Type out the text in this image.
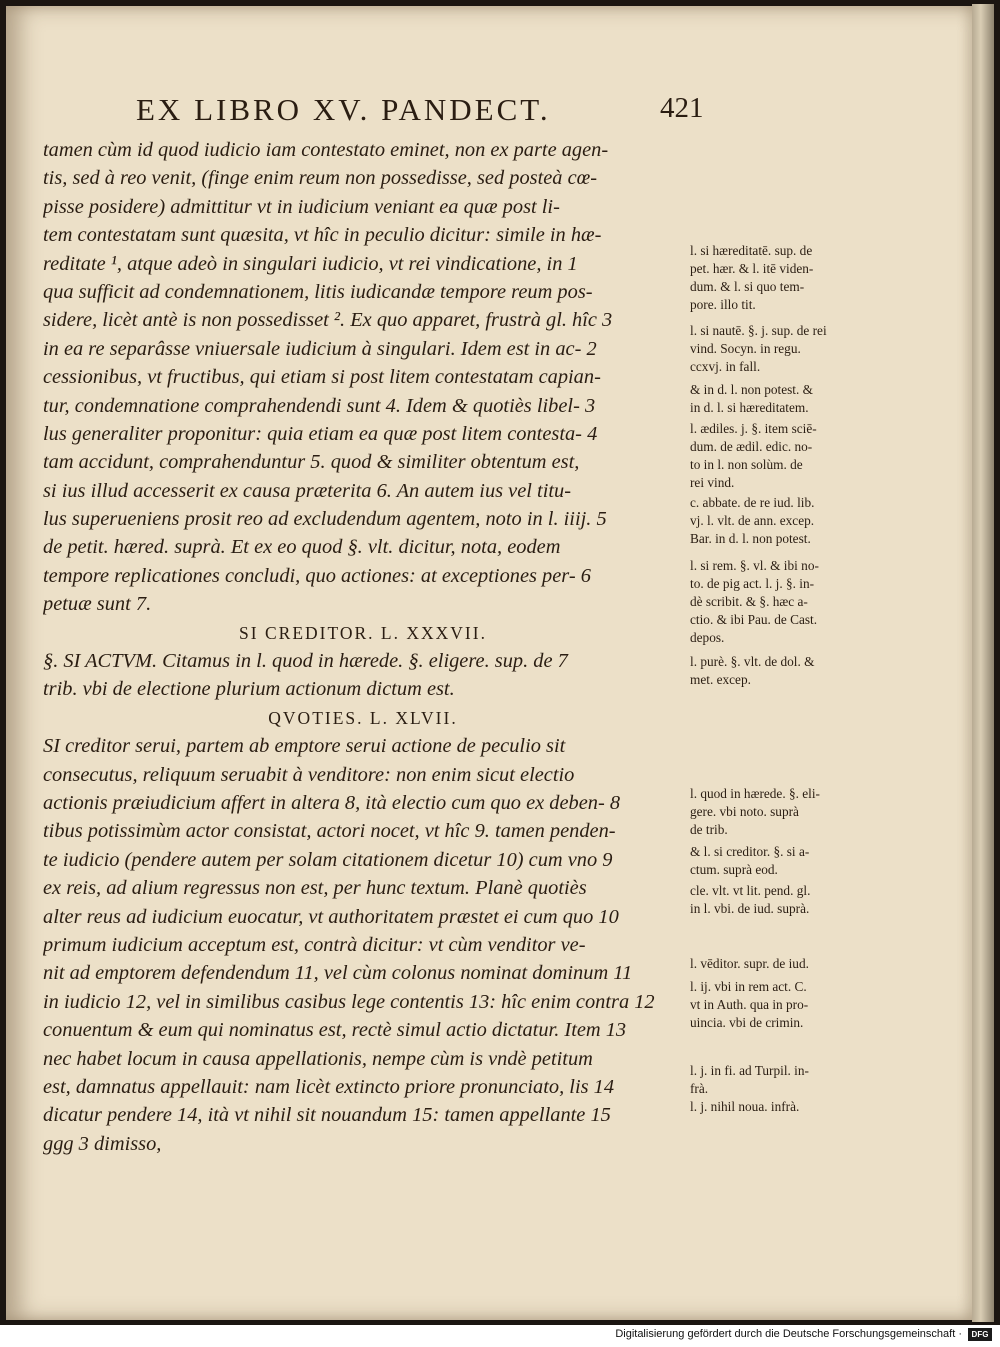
EX LIBRO XV. PANDECT.	421
tamen cùm id quod iudicio iam contestato eminet, non ex parte agen-
tis, sed à reo venit, (finge enim reum non possedisse, sed posteà cœ-
pisse posidere) admittitur vt in iudicium veniant ea quæ post li-
tem contestatam sunt quæsita, vt hîc in peculio dicitur: simile in hæ-
reditate ¹, atque adeò in singulari iudicio, vt rei vindicatione, in 1
qua sufficit ad condemnationem, litis iudicandæ tempore reum pos-
sidere, licèt antè is non possedisset ². Ex quo apparet, frustrà gl. hîc 3
in ea re separâsse vniuersale iudicium à singulari. Idem est in ac- 2
cessionibus, vt fructibus, qui etiam si post litem contestatam capian-
tur, condemnatione comprahendendi sunt 4. Idem & quotiès libel- 3
lus generaliter proponitur: quia etiam ea quæ post litem contesta- 4
tam accidunt, comprahenduntur 5. quod & similiter obtentum est,
si ius illud accesserit ex causa præterita 6. An autem ius vel titu-
lus superueniens prosit reo ad excludendum agentem, noto in l. iiij. 5
de petit. hæred. suprà. Et ex eo quod §. vlt. dicitur, nota, eodem
tempore replicationes concludi, quo actiones: at exceptiones per- 6
petuæ sunt 7.
SI CREDITOR. L. XXXVII.
§. SI ACTVM. Citamus in l. quod in hærede. §. eligere. sup. de 7
trib. vbi de electione plurium actionum dictum est.
QVOTIES. L. XLVII.
SI creditor serui, partem ab emptore serui actione de peculio sit
consecutus, reliquum seruabit à venditore: non enim sicut electio
actionis præiudicium affert in altera 8, ità electio cum quo ex deben- 8
tibus potissimùm actor consistat, actori nocet, vt hîc 9. tamen penden-
te iudicio (pendere autem per solam citationem dicetur 10) cum vno 9
ex reis, ad alium regressus non est, per hunc textum. Planè quotiès
alter reus ad iudicium euocatur, vt authoritatem præstet ei cum quo 10
primum iudicium acceptum est, contrà dicitur: vt cùm venditor ve-
nit ad emptorem defendendum 11, vel cùm colonus nominat dominum 11
in iudicio 12, vel in similibus casibus lege contentis 13: hîc enim contra 12
conuentum & eum qui nominatus est, rectè simul actio dictatur. Item 13
nec habet locum in causa appellationis, nempe cùm is vndè petitum
est, damnatus appellauit: nam licèt extincto priore pronunciato, lis 14
dicatur pendere 14, ità vt nihil sit nouandum 15: tamen appellante 15
ggg 3 dimisso,
l. si hæreditatē. sup. de
pet. hær. & l. itē viden-
dum. & l. si quo tem-
pore. illo tit.
l. si nautē. §. j. sup. de rei
vind. Socyn. in regu.
ccxvj. in fall.
& in d. l. non potest. &
in d. l. si hæreditatem.
l. ædiles. j. §. item sciē-
dum. de ædil. edic. no-
to in l. non solùm. de
rei vind.
c. abbate. de re iud. lib.
vj. l. vlt. de ann. excep.
Bar. in d. l. non potest.
l. si rem. §. vl. & ibi no-
to. de pig act. l. j. §. in-
dè scribit. & §. hæc a-
ctio. & ibi Pau. de Cast.
depos.
l. purè. §. vlt. de dol. &
met. excep.
l. quod in hærede. §. eli-
gere. vbi noto. suprà
de trib.
& l. si creditor. §. si a-
ctum. suprà eod.
cle. vlt. vt lit. pend. gl.
in l. vbi. de iud. suprà.
l. vēditor. supr. de iud.
l. ij. vbi in rem act. C.
vt in Auth. qua in pro-
uincia. vbi de crimin.
l. j. in fi. ad Turpil. in-
frà.
l. j. nihil noua. infrà.
Digitalisierung gefördert durch die Deutsche Forschungsgemeinschaft ·	DFG
